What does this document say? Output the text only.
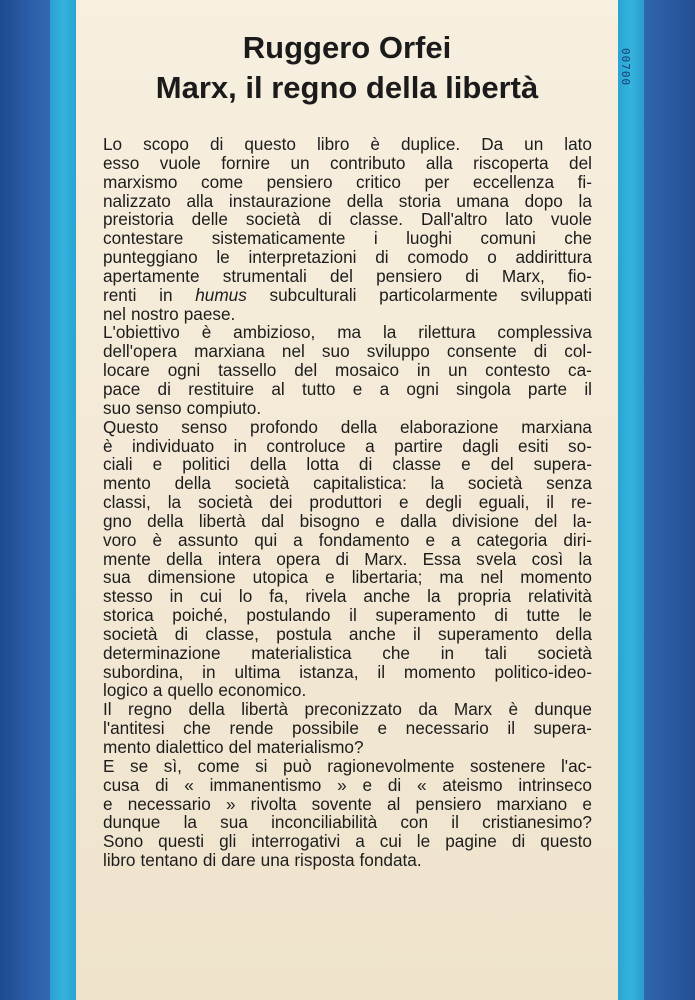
00700
Ruggero Orfei
Marx, il regno della libertà
Lo scopo di questo libro è duplice. Da un lato
esso vuole fornire un contributo alla riscoperta del
marxismo come pensiero critico per eccellenza fi-
nalizzato alla instaurazione della storia umana dopo la
preistoria delle società di classe. Dall'altro lato vuole
contestare sistematicamente i luoghi comuni che
punteggiano le interpretazioni di comodo o addirittura
apertamente strumentali del pensiero di Marx, fio-
renti in humus subculturali particolarmente sviluppati
nel nostro paese.
L'obiettivo è ambizioso, ma la rilettura complessiva
dell'opera marxiana nel suo sviluppo consente di col-
locare ogni tassello del mosaico in un contesto ca-
pace di restituire al tutto e a ogni singola parte il
suo senso compiuto.
Questo senso profondo della elaborazione marxiana
è individuato in controluce a partire dagli esiti so-
ciali e politici della lotta di classe e del supera-
mento della società capitalistica: la società senza
classi, la società dei produttori e degli eguali, il re-
gno della libertà dal bisogno e dalla divisione del la-
voro è assunto qui a fondamento e a categoria diri-
mente della intera opera di Marx. Essa svela così la
sua dimensione utopica e libertaria; ma nel momento
stesso in cui lo fa, rivela anche la propria relatività
storica poiché, postulando il superamento di tutte le
società di classe, postula anche il superamento della
determinazione materialistica che in tali società
subordina, in ultima istanza, il momento politico-ideo-
logico a quello economico.
Il regno della libertà preconizzato da Marx è dunque
l'antitesi che rende possibile e necessario il supera-
mento dialettico del materialismo?
E se sì, come si può ragionevolmente sostenere l'ac-
cusa di « immanentismo » e di « ateismo intrinseco
e necessario » rivolta sovente al pensiero marxiano e
dunque la sua inconciliabilità con il cristianesimo?
Sono questi gli interrogativi a cui le pagine di questo
libro tentano di dare una risposta fondata.
